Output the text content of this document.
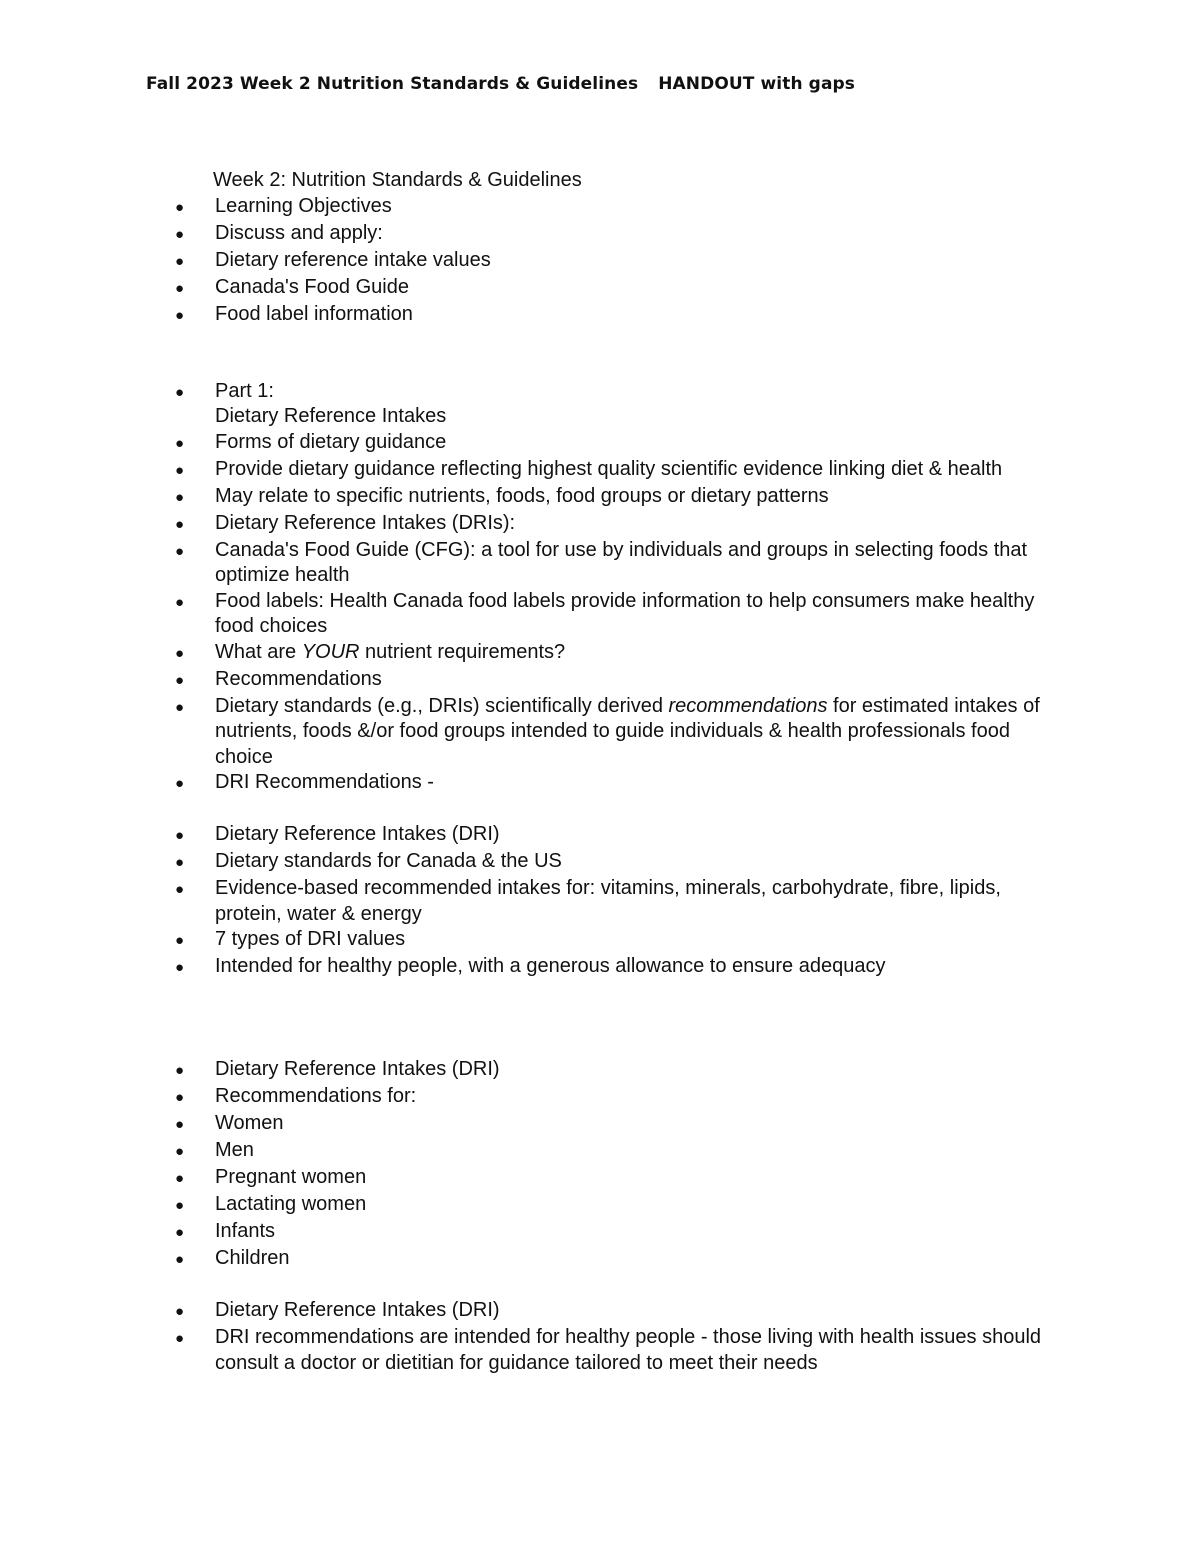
Fall 2023 Week 2 Nutrition Standards & Guidelines HANDOUT with gaps
Week 2: Nutrition Standards & Guidelines
●	Learning Objectives
●	Discuss and apply:
●	Dietary reference intake values
●	Canada's Food Guide
●	Food label information
●	Part 1:
Dietary Reference Intakes
●	Forms of dietary guidance
●	Provide dietary guidance reflecting highest quality scientific evidence linking diet & health
●	May relate to specific nutrients, foods, food groups or dietary patterns
●	Dietary Reference Intakes (DRIs):
●	Canada's Food Guide (CFG): a tool for use by individuals and groups in selecting foods that optimize health
●	Food labels: Health Canada food labels provide information to help consumers make healthy food choices
●	What are YOUR nutrient requirements?
●	Recommendations
●	Dietary standards (e.g., DRIs) scientifically derived recommendations for estimated intakes of nutrients, foods &/or food groups intended to guide individuals & health professionals food choice
●	DRI Recommendations -
●	Dietary Reference Intakes (DRI)
●	Dietary standards for Canada & the US
●	Evidence-based recommended intakes for: vitamins, minerals, carbohydrate, fibre, lipids, protein, water & energy
●	7 types of DRI values
●	Intended for healthy people, with a generous allowance to ensure adequacy
●	Dietary Reference Intakes (DRI)
●	Recommendations for:
●	Women
●	Men
●	Pregnant women
●	Lactating women
●	Infants
●	Children
●	Dietary Reference Intakes (DRI)
●	DRI recommendations are intended for healthy people - those living with health issues should consult a doctor or dietitian for guidance tailored to meet their needs
